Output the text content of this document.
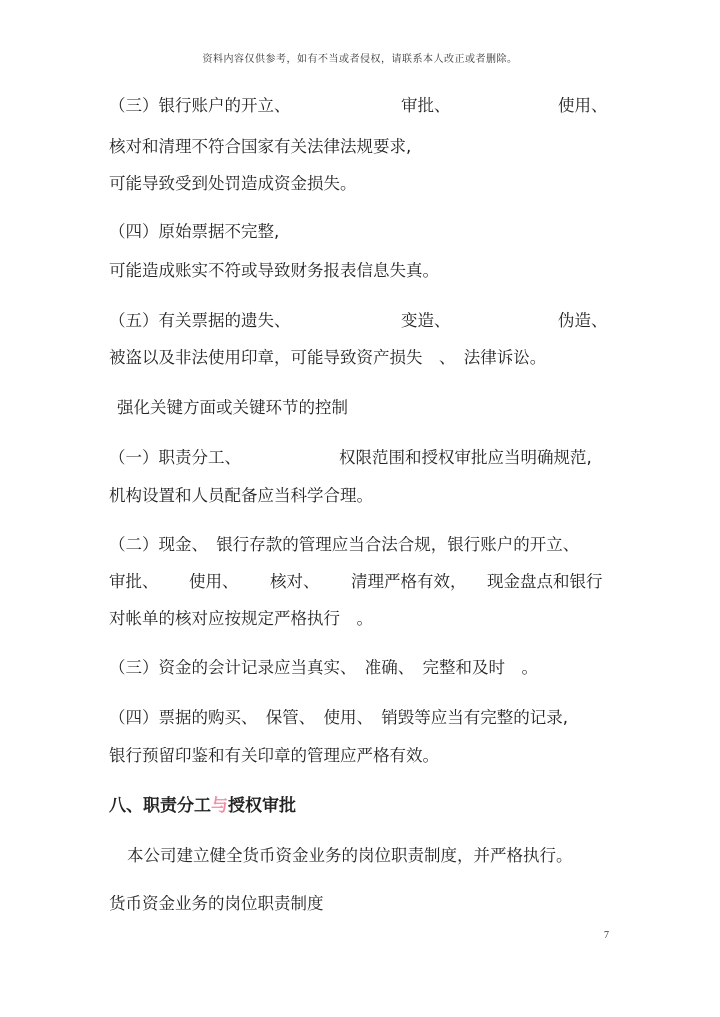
资料内容仅供参考，如有不当或者侵权，请联系本人改正或者删除。
（三）银行账户的开立、	审批、	使用、
核对和清理不符合国家有关法律法规要求,
可能导致受到处罚造成资金损失。
（四）原始票据不完整,
可能造成账实不符或导致财务报表信息失真。
（五）有关票据的遗失、	变造、	伪造、
被盗以及非法使用印章，可能导致资产损失　、　法律诉讼。
强化关键方面或关键环节的控制
（一）职责分工、	权限范围和授权审批应当明确规范,
机构设置和人员配备应当科学合理。
（二）现金、　银行存款的管理应当合法合规，银行账户的开立、
审批、 使用、 核对、 清理严格有效， 现金盘点和银行
对帐单的核对应按规定严格执行　。
（三）资金的会计记录应当真实、　准确、　完整和及时　。
（四）票据的购买、　保管、　使用、　销毁等应当有完整的记录,
银行预留印鉴和有关印章的管理应严格有效。
八、职责分工与授权审批
本公司建立健全货币资金业务的岗位职责制度，并严格执行。
货币资金业务的岗位职责制度
7
